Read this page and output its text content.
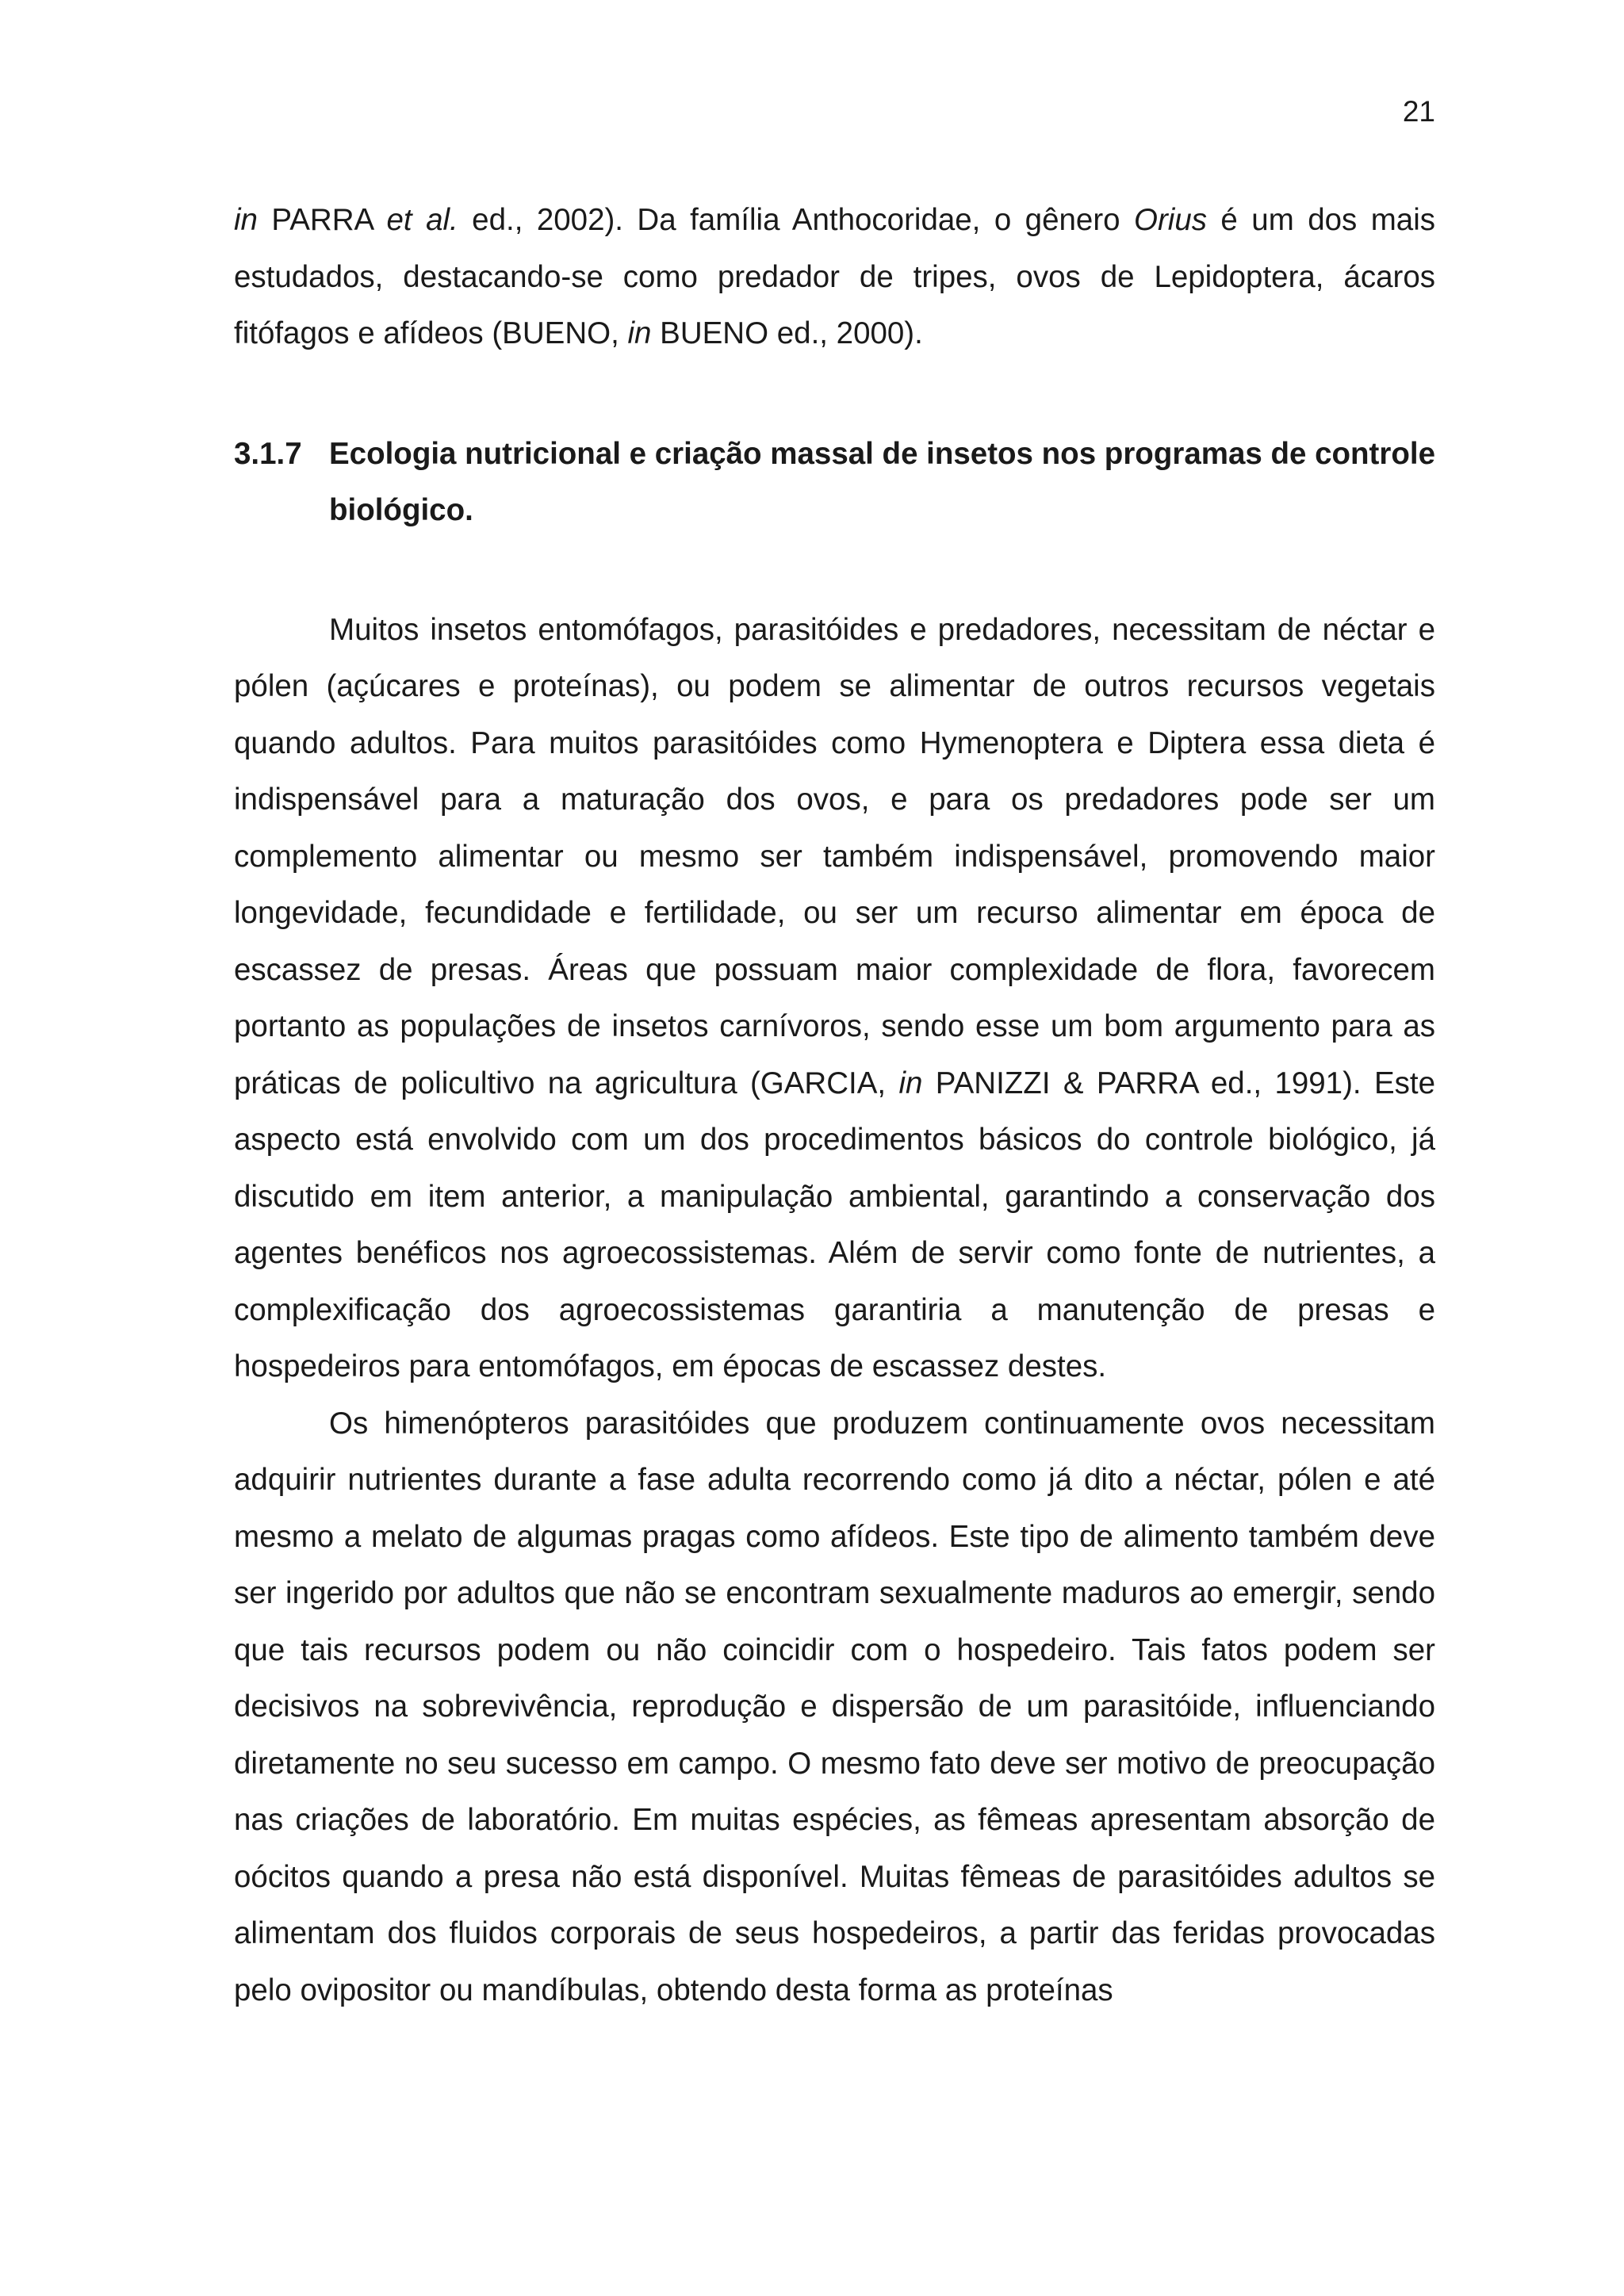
21

in PARRA et al. ed., 2002). Da família Anthocoridae, o gênero Orius é um dos mais estudados, destacando-se como predador de tripes, ovos de Lepidoptera, ácaros fitófagos e afídeos (BUENO, in BUENO ed., 2000).

3.1.7 Ecologia nutricional e criação massal de insetos nos programas de controle biológico.

Muitos insetos entomófagos, parasitóides e predadores, necessitam de néctar e pólen (açúcares e proteínas), ou podem se alimentar de outros recursos vegetais quando adultos. Para muitos parasitóides como Hymenoptera e Diptera essa dieta é indispensável para a maturação dos ovos, e para os predadores pode ser um complemento alimentar ou mesmo ser também indispensável, promovendo maior longevidade, fecundidade e fertilidade, ou ser um recurso alimentar em época de escassez de presas. Áreas que possuam maior complexidade de flora, favorecem portanto as populações de insetos carnívoros, sendo esse um bom argumento para as práticas de policultivo na agricultura (GARCIA, in PANIZZI & PARRA ed., 1991). Este aspecto está envolvido com um dos procedimentos básicos do controle biológico, já discutido em item anterior, a manipulação ambiental, garantindo a conservação dos agentes benéficos nos agroecossistemas. Além de servir como fonte de nutrientes, a complexificação dos agroecossistemas garantiria a manutenção de presas e hospedeiros para entomófagos, em épocas de escassez destes.

Os himenópteros parasitóides que produzem continuamente ovos necessitam adquirir nutrientes durante a fase adulta recorrendo como já dito a néctar, pólen e até mesmo a melato de algumas pragas como afídeos. Este tipo de alimento também deve ser ingerido por adultos que não se encontram sexualmente maduros ao emergir, sendo que tais recursos podem ou não coincidir com o hospedeiro. Tais fatos podem ser decisivos na sobrevivência, reprodução e dispersão de um parasitóide, influenciando diretamente no seu sucesso em campo. O mesmo fato deve ser motivo de preocupação nas criações de laboratório. Em muitas espécies, as fêmeas apresentam absorção de oócitos quando a presa não está disponível. Muitas fêmeas de parasitóides adultos se alimentam dos fluidos corporais de seus hospedeiros, a partir das feridas provocadas pelo ovipositor ou mandíbulas, obtendo desta forma as proteínas
